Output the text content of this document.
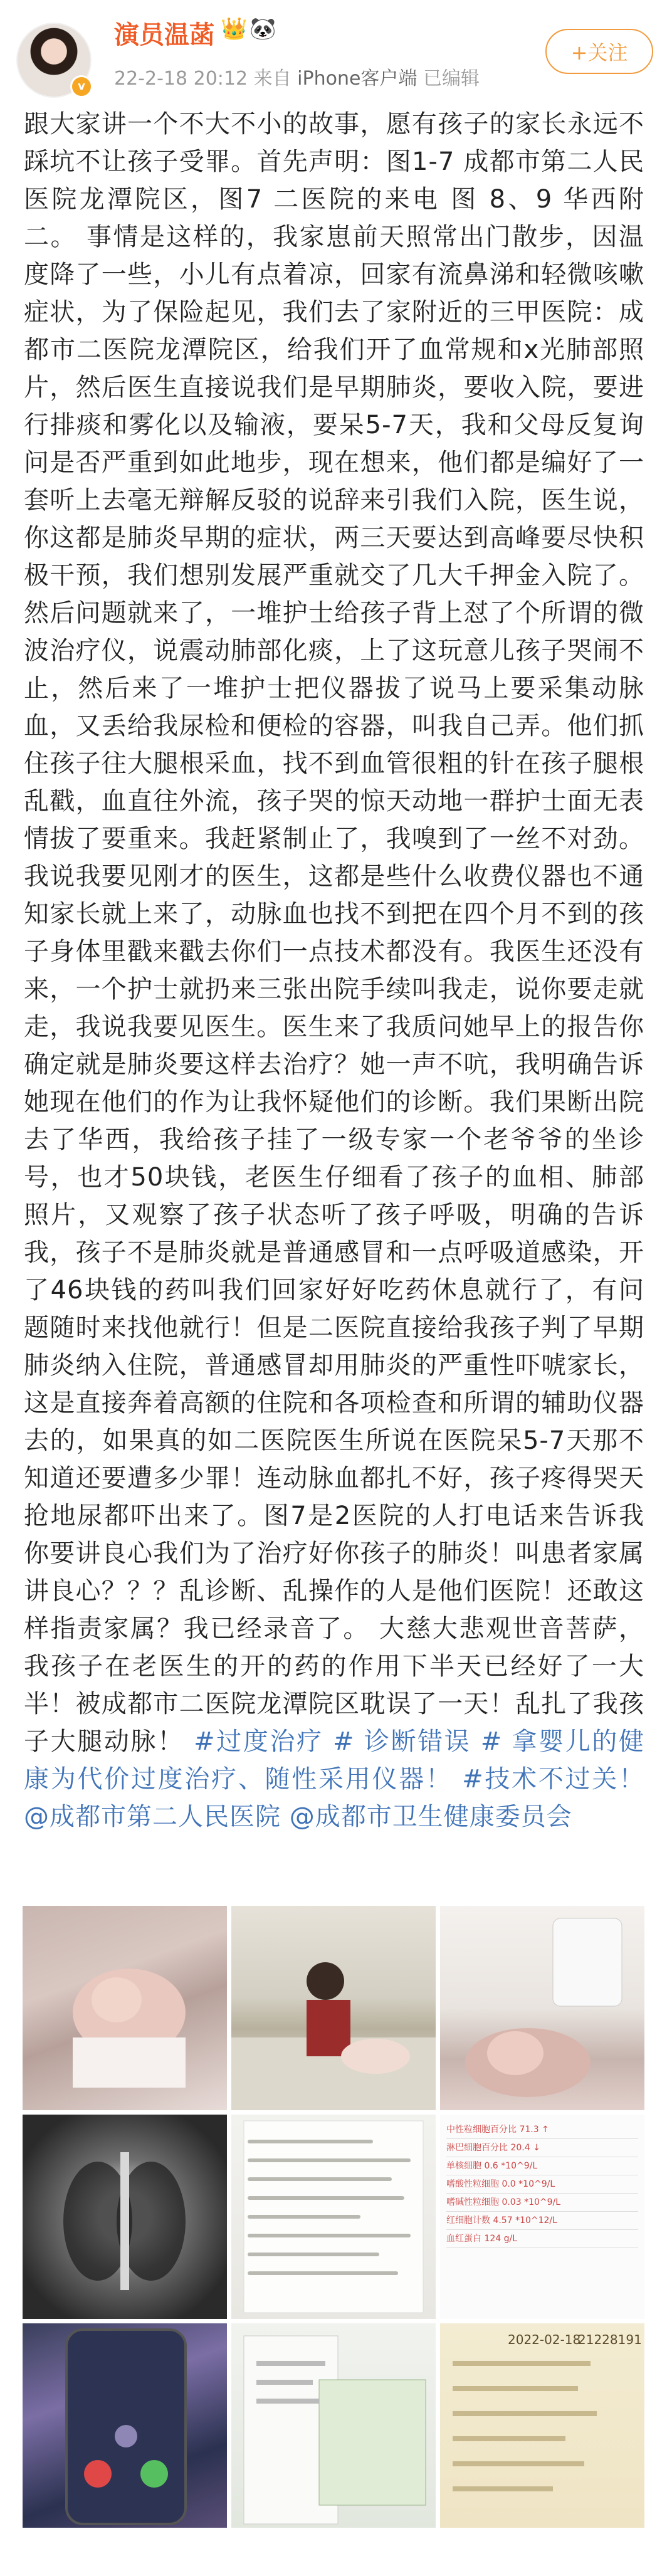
v
演员温菡 👑 🐼
22-2-18 20:12 来自 iPhone客户端 已编辑
+关注

跟大家讲一个不大不小的故事，愿有孩子的家长永远不踩坑不让孩子受罪。首先声明：图1-7 成都市第二人民医院龙潭院区，图7 二医院的来电 图 8、9 华西附二。 事情是这样的，我家崽前天照常出门散步，因温度降了一些，小儿有点着凉，回家有流鼻涕和轻微咳嗽症状，为了保险起见，我们去了家附近的三甲医院：成都市二医院龙潭院区，给我们开了血常规和x光肺部照片，然后医生直接说我们是早期肺炎，要收入院，要进行排痰和雾化以及输液，要呆5-7天，我和父母反复询问是否严重到如此地步，现在想来，他们都是编好了一套听上去毫无辩解反驳的说辞来引我们入院，医生说，你这都是肺炎早期的症状，两三天要达到高峰要尽快积极干预，我们想别发展严重就交了几大千押金入院了。然后问题就来了，一堆护士给孩子背上怼了个所谓的微波治疗仪，说震动肺部化痰，上了这玩意儿孩子哭闹不止，然后来了一堆护士把仪器拔了说马上要采集动脉血，又丢给我尿检和便检的容器，叫我自己弄。他们抓住孩子往大腿根采血，找不到血管很粗的针在孩子腿根乱戳，血直往外流，孩子哭的惊天动地一群护士面无表情拔了要重来。我赶紧制止了，我嗅到了一丝不对劲。我说我要见刚才的医生，这都是些什么收费仪器也不通知家长就上来了，动脉血也找不到把在四个月不到的孩子身体里戳来戳去你们一点技术都没有。我医生还没有来，一个护士就扔来三张出院手续叫我走，说你要走就走，我说我要见医生。医生来了我质问她早上的报告你确定就是肺炎要这样去治疗？她一声不吭，我明确告诉她现在他们的作为让我怀疑他们的诊断。我们果断出院去了华西，我给孩子挂了一级专家一个老爷爷的坐诊号，也才50块钱，老医生仔细看了孩子的血相、肺部照片，又观察了孩子状态听了孩子呼吸，明确的告诉我，孩子不是肺炎就是普通感冒和一点呼吸道感染，开了46块钱的药叫我们回家好好吃药休息就行了，有问题随时来找他就行！但是二医院直接给我孩子判了早期肺炎纳入住院，普通感冒却用肺炎的严重性吓唬家长，这是直接奔着高额的住院和各项检查和所谓的辅助仪器去的，如果真的如二医院医生所说在医院呆5-7天那不知道还要遭多少罪！连动脉血都扎不好，孩子疼得哭天抢地尿都吓出来了。图7是2医院的人打电话来告诉我你要讲良心我们为了治疗好你孩子的肺炎！叫患者家属讲良心？？？乱诊断、乱操作的人是他们医院！还敢这样指责家属？我已经录音了。 大慈大悲观世音菩萨，我孩子在老医生的开的药的作用下半天已经好了一大半！被成都市二医院龙潭院区耽误了一天！乱扎了我孩子大腿动脉！ #过度治疗 # 诊断错误 # 拿婴儿的健康为代价过度治疗、随性采用仪器！ #技术不过关！ @成都市第二人民医院 @成都市卫生健康委员会

中性粒细胞百分比 71.3 ↑
淋巴细胞百分比 20.4 ↓
单核细胞 0.6 *10^9/L
嗜酸性粒细胞 0.0 *10^9/L
嗜碱性粒细胞 0.03 *10^9/L
红细胞计数 4.57 *10^12/L
血红蛋白 124 g/L
2022-02-18
21228191
